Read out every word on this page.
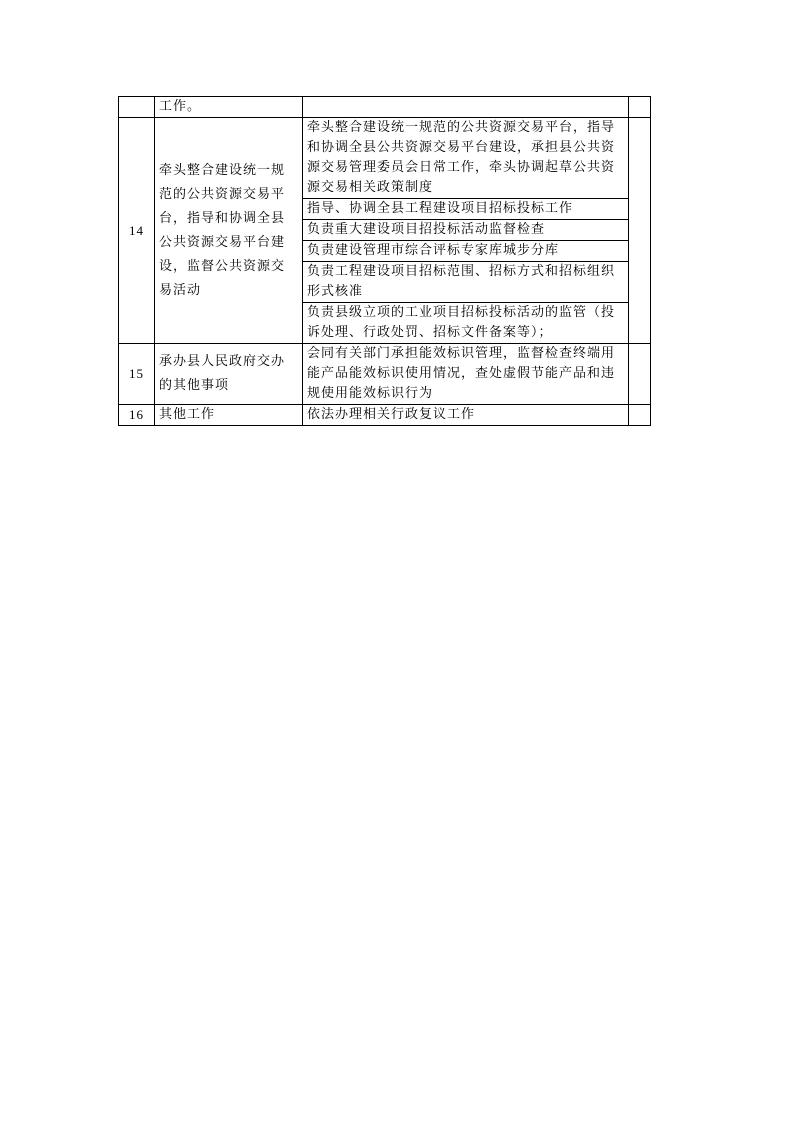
	工作。		
14	牵头整合建设统一规范的公共资源交易平台，指导和协调全县公共资源交易平台建设，监督公共资源交易活动	牵头整合建设统一规范的公共资源交易平台，指导和协调全县公共资源交易平台建设，承担县公共资源交易管理委员会日常工作，牵头协调起草公共资源交易相关政策制度	
		指导、协调全县工程建设项目招标投标工作	
		负责重大建设项目招投标活动监督检查	
		负责建设管理市综合评标专家库城步分库	
		负责工程建设项目招标范围、招标方式和招标组织形式核准	
		负责县级立项的工业项目招标投标活动的监管（投诉处理、行政处罚、招标文件备案等）；	
15	承办县人民政府交办的其他事项	会同有关部门承担能效标识管理，监督检查终端用能产品能效标识使用情况，查处虚假节能产品和违规使用能效标识行为	
16	其他工作	依法办理相关行政复议工作	
